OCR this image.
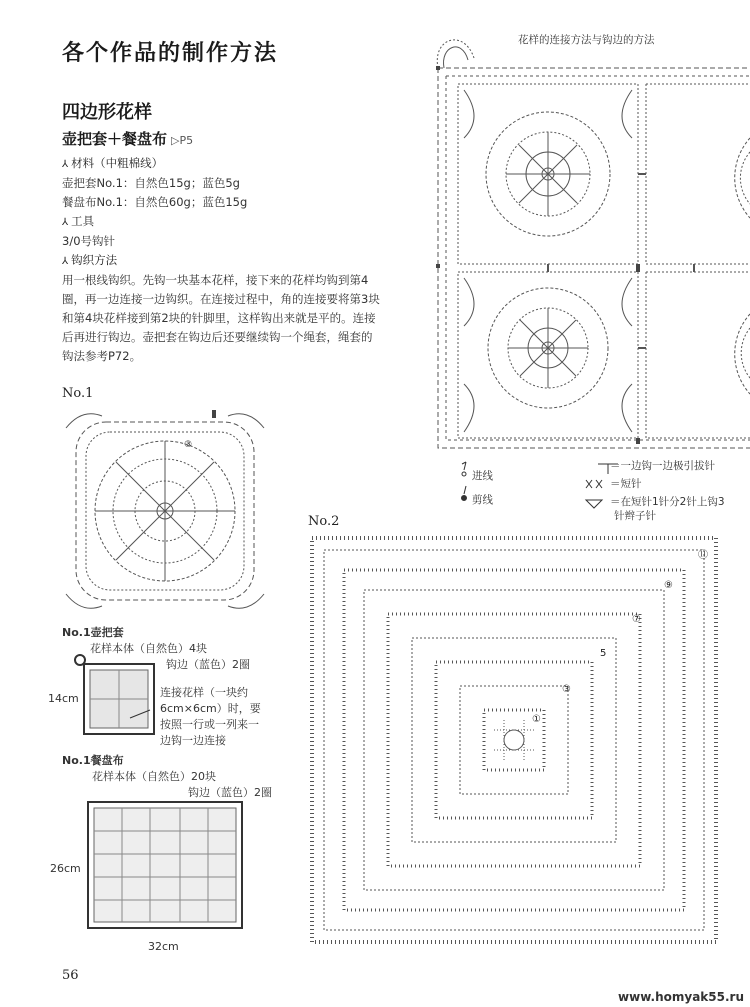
各个作品的制作方法
四边形花样
壶把套＋餐盘布 ▷P5
⅄ 材料（中粗棉线）
壶把套No.1：自然色15g；蓝色5g
餐盘布No.1：自然色60g；蓝色15g
⅄ 工具
3/0号钩针
⅄ 钩织方法
用一根线钩织。先钩一块基本花样，接下来的花样均钩到第4
圈，再一边连接一边钩织。在连接过程中，角的连接要将第3块
和第4块花样接到第2块的针脚里，这样钩出来就是平的。连接
后再进行钩边。壶把套在钩边后还要继续钩一个绳套，绳套的
钩法参考P72。
花样的连接方法与钩边的方法
进线
剪线
＝一边钩一边极引拔针
＝短针
＝在短针1针分2针上钩3
针辫子针
No.1
③
No.1壶把套
花样本体（自然色）4块
钩边（蓝色）2圈
14cm	连接花样（一块约
6cm×6cm）时，要
按照一行或一列来一
边钩一边连接
No.1餐盘布
花样本体（自然色）20块
钩边（蓝色）2圈
26cm
32cm
No.2
①
③
5
⑦
⑨
⑪
56
www.homyak55.ru
